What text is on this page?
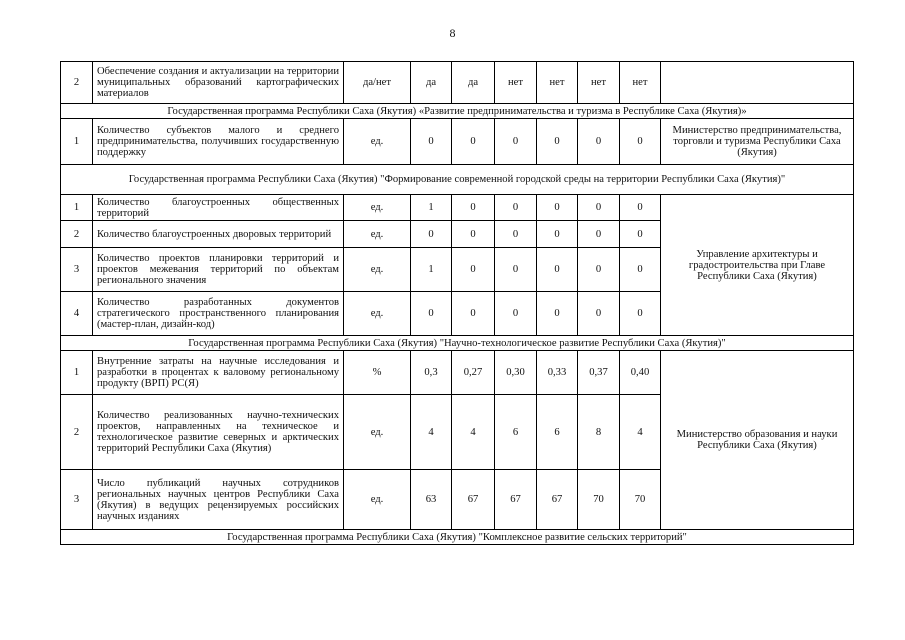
8
2	Обеспечение создания и актуализации на территории муниципальных образований картографических материалов	да/нет	да	да	нет	нет	нет	нет	
Государственная программа Республики Саха (Якутия) «Развитие предпринимательства и туризма в Республике Саха (Якутия)»									
1	Количество субъектов малого и среднего предпринимательства, получивших государственную поддержку	ед.	0	0	0	0	0	0	Министерство предпринимательства, торговли и туризма Республики Саха (Якутия)
Государственная программа Республики Саха (Якутия) "Формирование современной городской среды на территории Республики Саха (Якутия)"									
1	Количество благоустроенных общественных территорий	ед.	1	0	0	0	0	0	Управление архитектуры и градостроительства при Главе Республики Саха (Якутия)
2	Количество благоустроенных дворовых территорий	ед.	0	0	0	0	0	0	
3	Количество проектов планировки территорий и проектов межевания территорий по объектам регионального значения	ед.	1	0	0	0	0	0	
4	Количество разработанных документов стратегического пространственного планирования (мастер-план, дизайн-код)	ед.	0	0	0	0	0	0	
Государственная программа Республики Саха (Якутия) "Научно-технологическое развитие Республики Саха (Якутия)"									
1	Внутренние затраты на научные исследования и разработки в процентах к валовому региональному продукту (ВРП) РС(Я)	%	0,3	0,27	0,30	0,33	0,37	0,40	Министерство образования и науки Республики Саха (Якутия)
2	Количество реализованных научно-технических проектов, направленных на техническое и технологическое развитие северных и арктических территорий Республики Саха (Якутия)	ед.	4	4	6	6	8	4	
3	Число публикаций научных сотрудников региональных научных центров Республики Саха (Якутия) в ведущих рецензируемых российских научных изданиях	ед.	63	67	67	67	70	70	
Государственная программа Республики Саха (Якутия) "Комплексное развитие сельских территорий"									
